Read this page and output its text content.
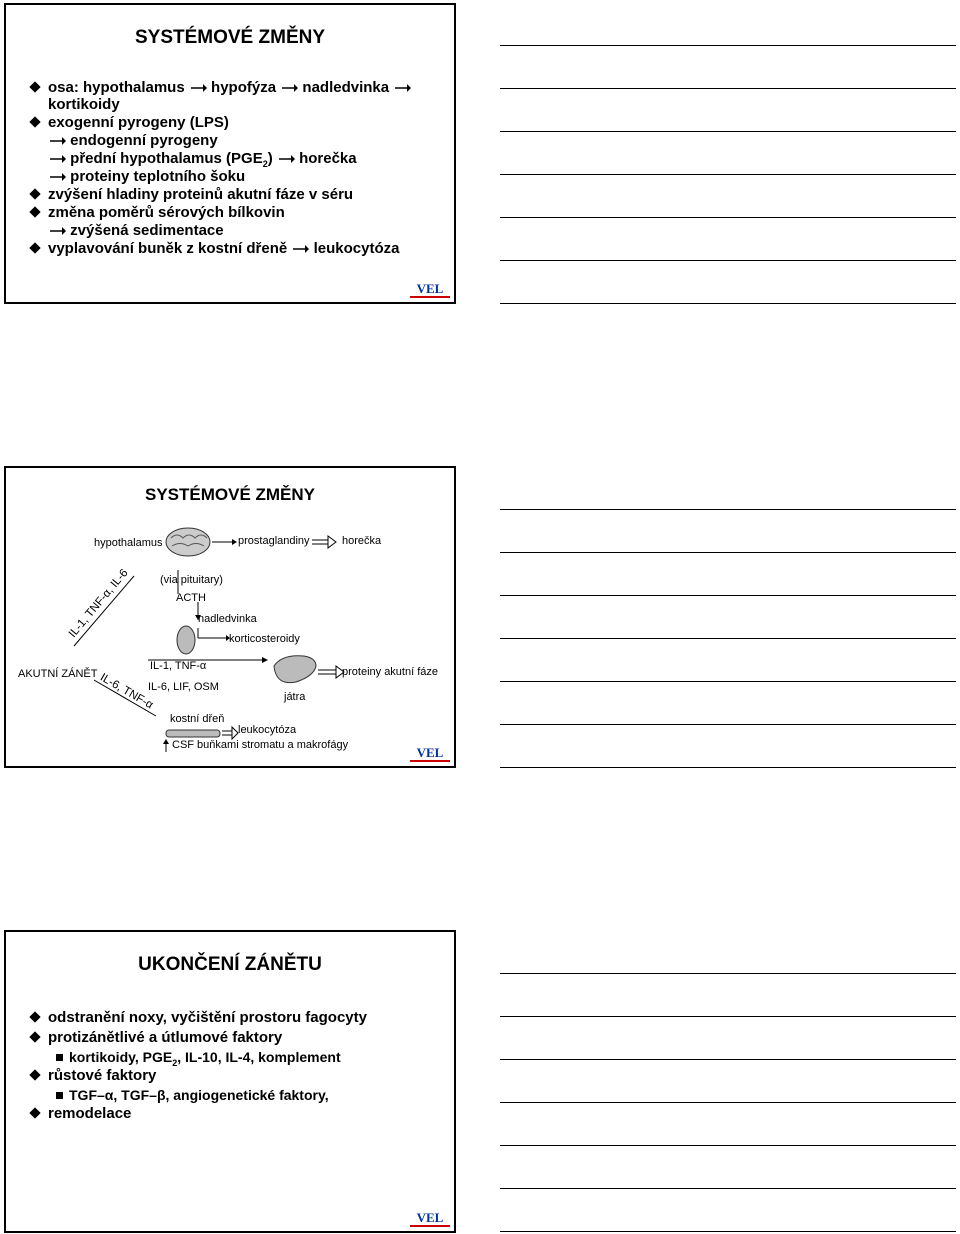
SYSTÉMOVÉ ZMĚNY
osa: hypothalamus hypofýza nadledvinka
kortikoidy
exogenní pyrogeny (LPS)
endogenní pyrogeny
přední hypothalamus $(PGE_2)$ horečka
proteiny teplotního šoku
zvýšení hladiny proteinů akutní fáze v séru
změna poměrů sérových bílkovin
zvýšená sedimentace
vyplavování buněk z kostní dřeně leukocytóza
VEL
SYSTÉMOVÉ ZMĚNY
hypothalamus	prostaglandiny	horečka
(via pituitary)
ACTH
nadledvinka
korticosteroidy
IL-1, TNF-α, IL-6
AKUTNÍ ZÁNĚT
IL-1, TNF-α
IL-6, LIF, OSM
IL-6, TNF-α	proteiny akutní fáze
játra
kostní dřeň
leukocytóza
CSF buňkami stromatu a makrofágy	VEL
UKONČENÍ ZÁNĚTU
odstranění noxy, vyčištění prostoru fagocyty
protizánětlivé a útlumové faktory
kortikoidy, $PGE_2$, IL-10, IL-4, komplement
růstové faktory
TGF–α, TGF–β, angiogenetické faktory,
remodelace
VEL
